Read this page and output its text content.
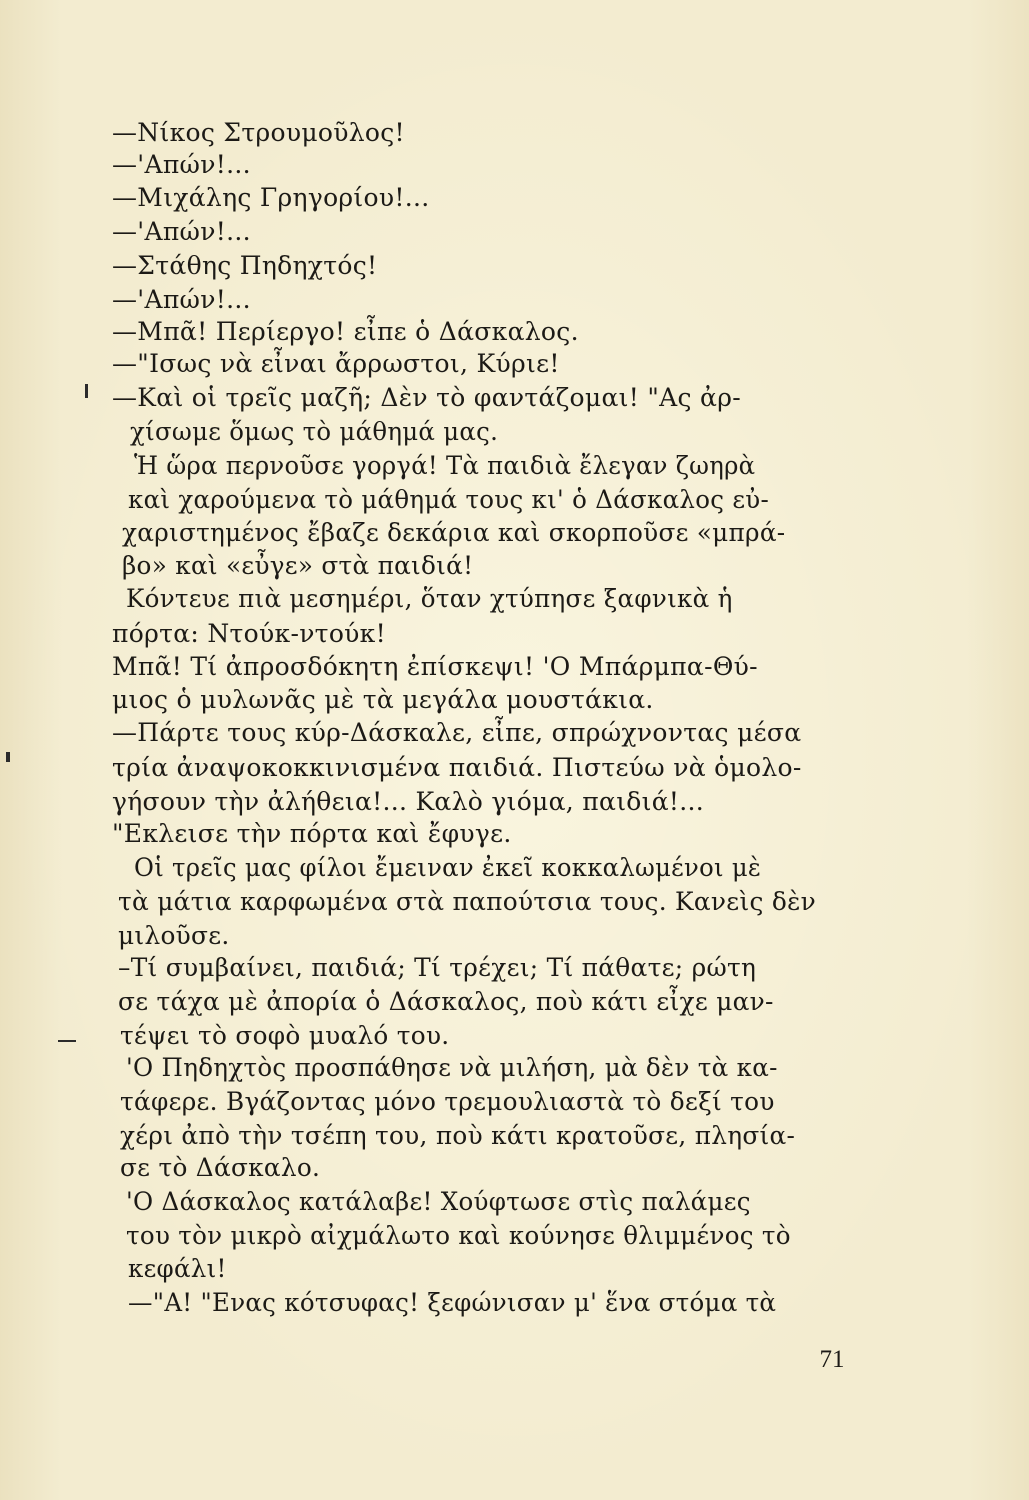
—Νίκος Στρουμοῦλος!
—'Απών!...
—Μιχάλης Γρηγορίου!...
—'Απών!...
—Στάθης Πηδηχτός!
—'Απών!...
—Μπᾶ! Περίεργο! εἶπε ὁ Δάσκαλος.
—"Ισως νὰ εἶναι ἄρρωστοι, Κύριε!
—Καὶ οἱ τρεῖς μαζῆ; Δὲν τὸ φαντάζομαι! "Ας ἀρ-
χίσωμε ὅμως τὸ μάθημά μας.
Ἡ ὥρα περνοῦσε γοργά! Τὰ παιδιὰ ἔλεγαν ζωηρὰ
καὶ χαρούμενα τὸ μάθημά τους κι' ὁ Δάσκαλος εὐ-
χαριστημένος ἔβαζε δεκάρια καὶ σκορποῦσε «μπρά-
βο» καὶ «εὖγε» στὰ παιδιά!
Κόντευε πιὰ μεσημέρι, ὅταν χτύπησε ξαφνικὰ ἡ
πόρτα: Ντούκ-ντούκ!
Μπᾶ! Τί ἀπροσδόκητη ἐπίσκεψι! 'Ο Μπάρμπα-Θύ-
μιος ὁ μυλωνᾶς μὲ τὰ μεγάλα μουστάκια.
—Πάρτε τους κύρ-Δάσκαλε, εἶπε, σπρώχνοντας μέσα
τρία ἀναψοκοκκινισμένα παιδιά. Πιστεύω νὰ ὁμολο-
γήσουν τὴν ἀλήθεια!... Καλὸ γιόμα, παιδιά!...
"Εκλεισε τὴν πόρτα καὶ ἔφυγε.
Οἱ τρεῖς μας φίλοι ἔμειναν ἐκεῖ κοκκαλωμένοι μὲ
τὰ μάτια καρφωμένα στὰ παπούτσια τους. Κανεὶς δὲν
μιλοῦσε.
–Τί συμβαίνει, παιδιά; Τί τρέχει; Τί πάθατε; ρώτη
σε τάχα μὲ ἀπορία ὁ Δάσκαλος, ποὺ κάτι εἶχε μαν-
τέψει τὸ σοφὸ μυαλό του.
'Ο Πηδηχτὸς προσπάθησε νὰ μιλήση, μὰ δὲν τὰ κα-
τάφερε. Βγάζοντας μόνο τρεμουλιαστὰ τὸ δεξί του
χέρι ἀπὸ τὴν τσέπη του, ποὺ κάτι κρατοῦσε, πλησία-
σε τὸ Δάσκαλο.
'Ο Δάσκαλος κατάλαβε! Χούφτωσε στὶς παλάμες
του τὸν μικρὸ αἰχμάλωτο καὶ κούνησε θλιμμένος τὸ
κεφάλι!
—"Α! "Ενας κότσυφας! ξεφώνισαν μ' ἕνα στόμα τὰ
71
